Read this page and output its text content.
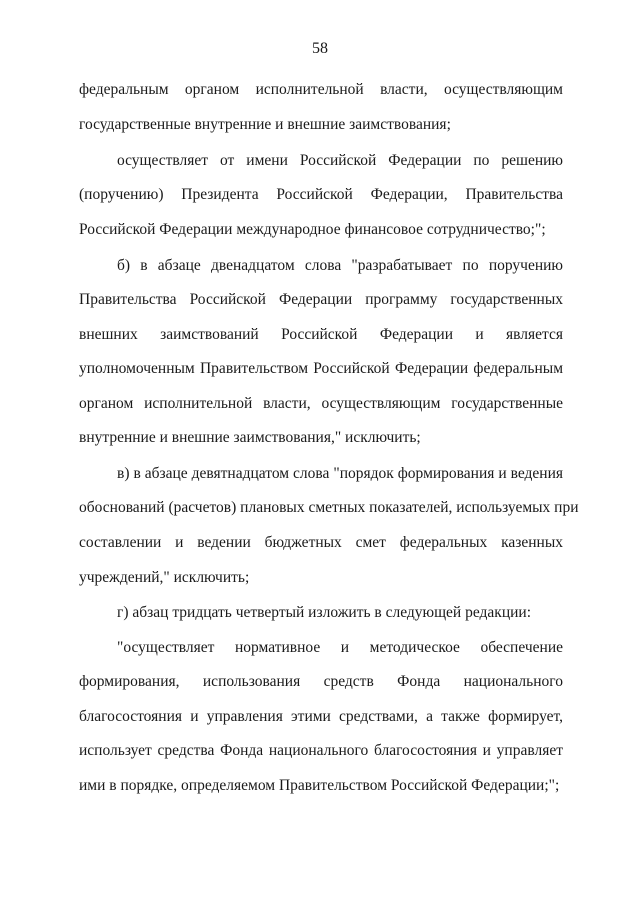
58
федеральным органом исполнительной власти, осуществляющим
государственные внутренние и внешние заимствования;
осуществляет от имени Российской Федерации по решению
(поручению) Президента Российской Федерации, Правительства
Российской Федерации международное финансовое сотрудничество;";
б) в абзаце двенадцатом слова "разрабатывает по поручению
Правительства Российской Федерации программу государственных
внешних заимствований Российской Федерации и является
уполномоченным Правительством Российской Федерации федеральным
органом исполнительной власти, осуществляющим государственные
внутренние и внешние заимствования," исключить;
в) в абзаце девятнадцатом слова "порядок формирования и ведения
обоснований (расчетов) плановых сметных показателей, используемых при
составлении и ведении бюджетных смет федеральных казенных
учреждений," исключить;
г) абзац тридцать четвертый изложить в следующей редакции:
"осуществляет нормативное и методическое обеспечение
формирования, использования средств Фонда национального
благосостояния и управления этими средствами, а также формирует,
использует средства Фонда национального благосостояния и управляет
ими в порядке, определяемом Правительством Российской Федерации;";
